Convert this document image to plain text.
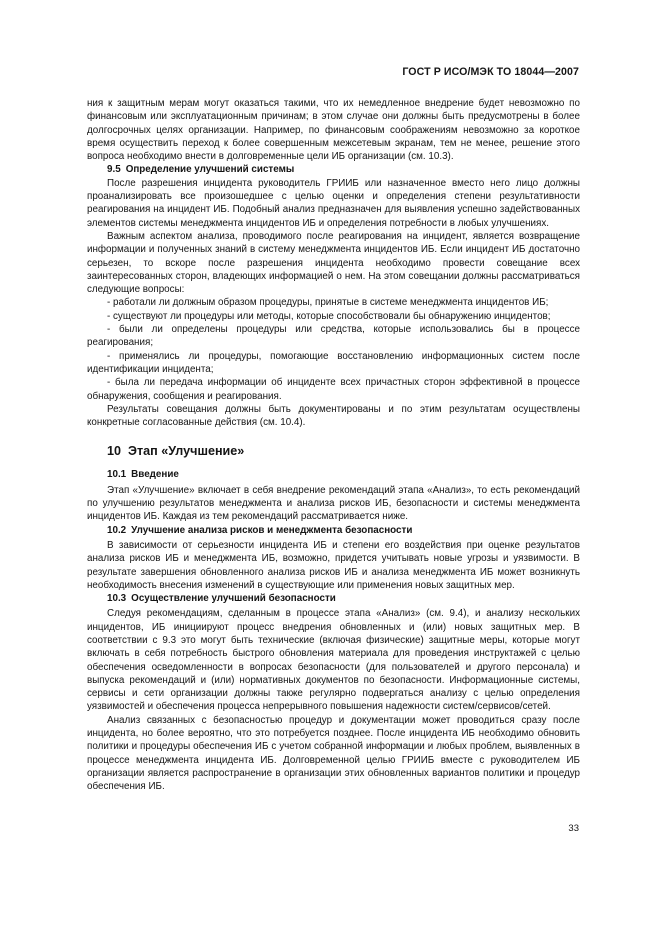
ГОСТ Р ИСО/МЭК ТО 18044—2007

ния к защитным мерам могут оказаться такими, что их немедленное внедрение будет невозможно по финансовым или эксплуатационным причинам; в этом случае они должны быть предусмотрены в более долгосрочных целях организации. Например, по финансовым соображениям невозможно за короткое время осуществить переход к более совершенным межсетевым экранам, тем не менее, решение этого вопроса необходимо внести в долговременные цели ИБ организации (см. 10.3).

9.5 Определение улучшений системы

После разрешения инцидента руководитель ГРИИБ или назначенное вместо него лицо должны проанализировать все произошедшее с целью оценки и определения степени результативности реагирования на инцидент ИБ. Подобный анализ предназначен для выявления успешно задействованных элементов системы менеджмента инцидентов ИБ и определения потребности в любых улучшениях.

Важным аспектом анализа, проводимого после реагирования на инцидент, является возвращение информации и полученных знаний в систему менеджмента инцидентов ИБ. Если инцидент ИБ достаточно серьезен, то вскоре после разрешения инцидента необходимо провести совещание всех заинтересованных сторон, владеющих информацией о нем. На этом совещании должны рассматриваться следующие вопросы:

- работали ли должным образом процедуры, принятые в системе менеджмента инцидентов ИБ;

- существуют ли процедуры или методы, которые способствовали бы обнаружению инцидентов;

- были ли определены процедуры или средства, которые использовались бы в процессе реагирования;

- применялись ли процедуры, помогающие восстановлению информационных систем после идентификации инцидента;

- была ли передача информации об инциденте всех причастных сторон эффективной в процессе обнаружения, сообщения и реагирования.

Результаты совещания должны быть документированы и по этим результатам осуществлены конкретные согласованные действия (см. 10.4).

10 Этап «Улучшение»
10.1 Введение

Этап «Улучшение» включает в себя внедрение рекомендаций этапа «Анализ», то есть рекомендаций по улучшению результатов менеджмента и анализа рисков ИБ, безопасности и системы менеджмента инцидентов ИБ. Каждая из тем рекомендаций рассматривается ниже.

10.2 Улучшение анализа рисков и менеджмента безопасности

В зависимости от серьезности инцидента ИБ и степени его воздействия при оценке результатов анализа рисков ИБ и менеджмента ИБ, возможно, придется учитывать новые угрозы и уязвимости. В результате завершения обновленного анализа рисков ИБ и анализа менеджмента ИБ может возникнуть необходимость внесения изменений в существующие или применения новых защитных мер.

10.3 Осуществление улучшений безопасности

Следуя рекомендациям, сделанным в процессе этапа «Анализ» (см. 9.4), и анализу нескольких инцидентов, ИБ инициируют процесс внедрения обновленных и (или) новых защитных мер. В соответствии с 9.3 это могут быть технические (включая физические) защитные меры, которые могут включать в себя потребность быстрого обновления материала для проведения инструктажей с целью обеспечения осведомленности в вопросах безопасности (для пользователей и другого персонала) и выпуска рекомендаций и (или) нормативных документов по безопасности. Информационные системы, сервисы и сети организации должны также регулярно подвергаться анализу с целью определения уязвимостей и обеспечения процесса непрерывного повышения надежности систем/сервисов/сетей.

Анализ связанных с безопасностью процедур и документации может проводиться сразу после инцидента, но более вероятно, что это потребуется позднее. После инцидента ИБ необходимо обновить политики и процедуры обеспечения ИБ с учетом собранной информации и любых проблем, выявленных в процессе менеджмента инцидента ИБ. Долговременной целью ГРИИБ вместе с руководителем ИБ организации является распространение в организации этих обновленных вариантов политики и процедур обеспечения ИБ.

33
